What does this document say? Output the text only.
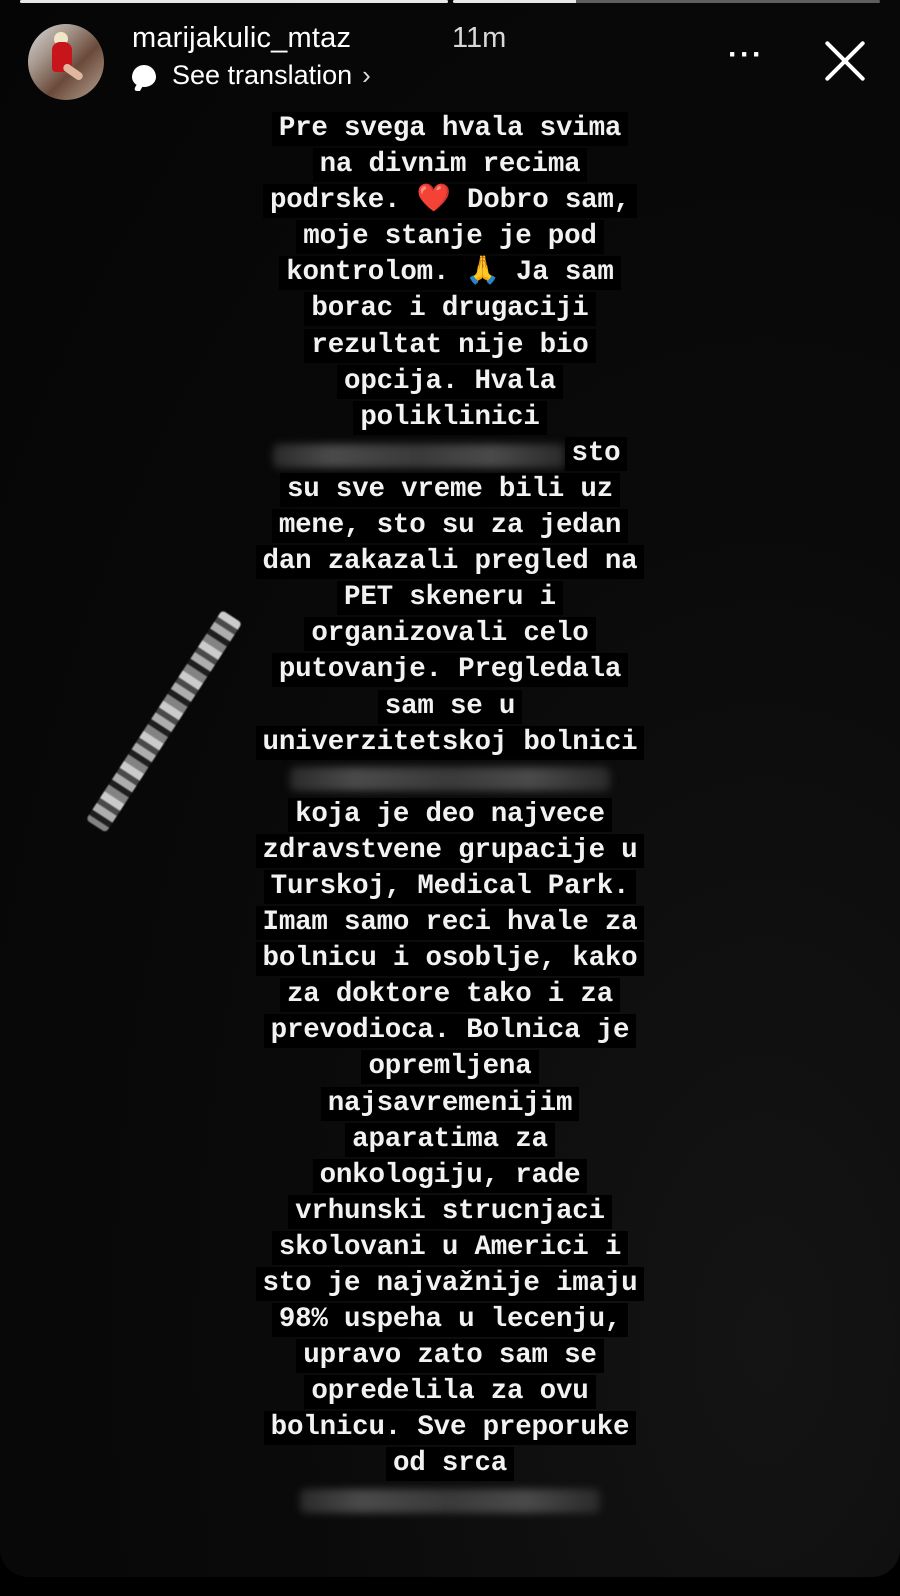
marijakulic_mtaz	11m
See translation ›
···
Pre svega hvala svima
na divnim recima
podrske. ❤️ Dobro sam,
moje stanje je pod
kontrolom. 🙏 Ja sam
borac i drugaciji
rezultat nije bio
opcija. Hvala
poliklinici
sto
su sve vreme bili uz
mene, sto su za jedan
dan zakazali pregled na
PET skeneru i
organizovali celo
putovanje. Pregledala
sam se u
univerzitetskoj bolnici
koja je deo najvece
zdravstvene grupacije u
Turskoj, Medical Park.
Imam samo reci hvale za
bolnicu i osoblje, kako
za doktore tako i za
prevodioca. Bolnica je
opremljena
najsavremenijim
aparatima za
onkologiju, rade
vrhunski strucnjaci
skolovani u Americi i
sto je najvažnije imaju
98% uspeha u lecenju,
upravo zato sam se
opredelila za ovu
bolnicu. Sve preporuke
od srca
